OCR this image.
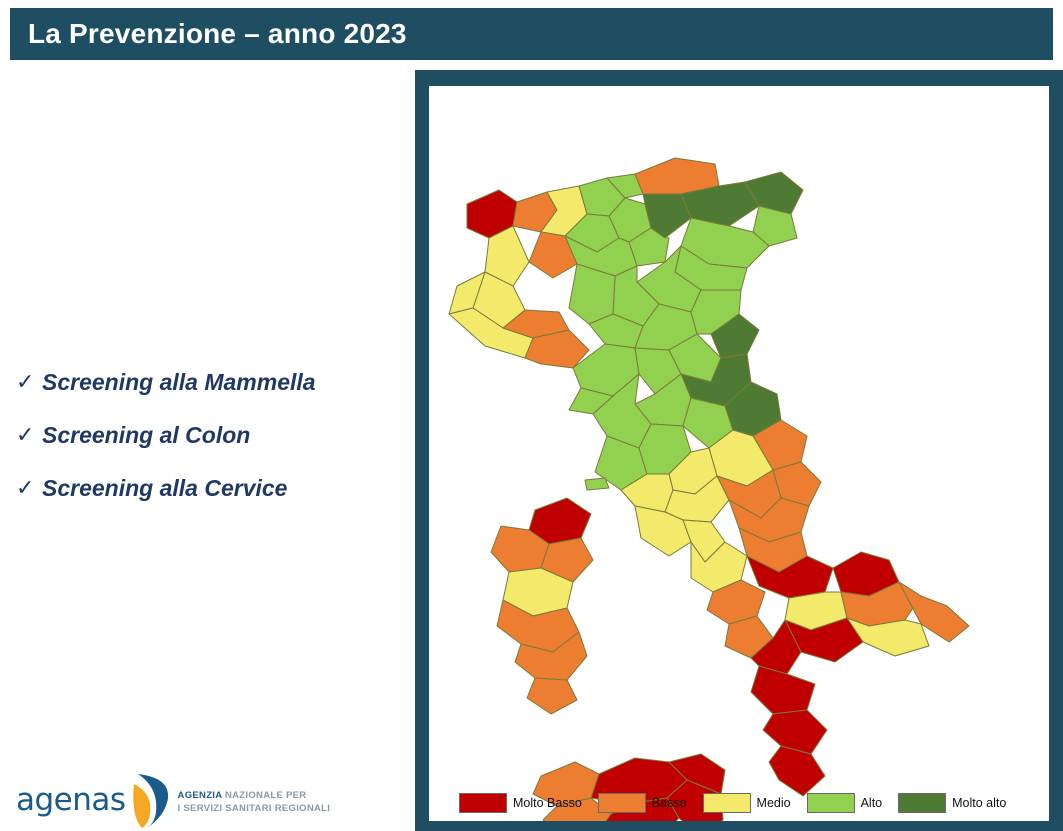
La Prevenzione – anno 2023
✓ Screening alla Mammella
✓ Screening al Colon
✓ Screening alla Cervice
agenas	AGENZIA NAZIONALE PER
I SERVIZI SANITARI REGIONALI	Molto Basso	Basso	Medio	Alto	Molto alto
